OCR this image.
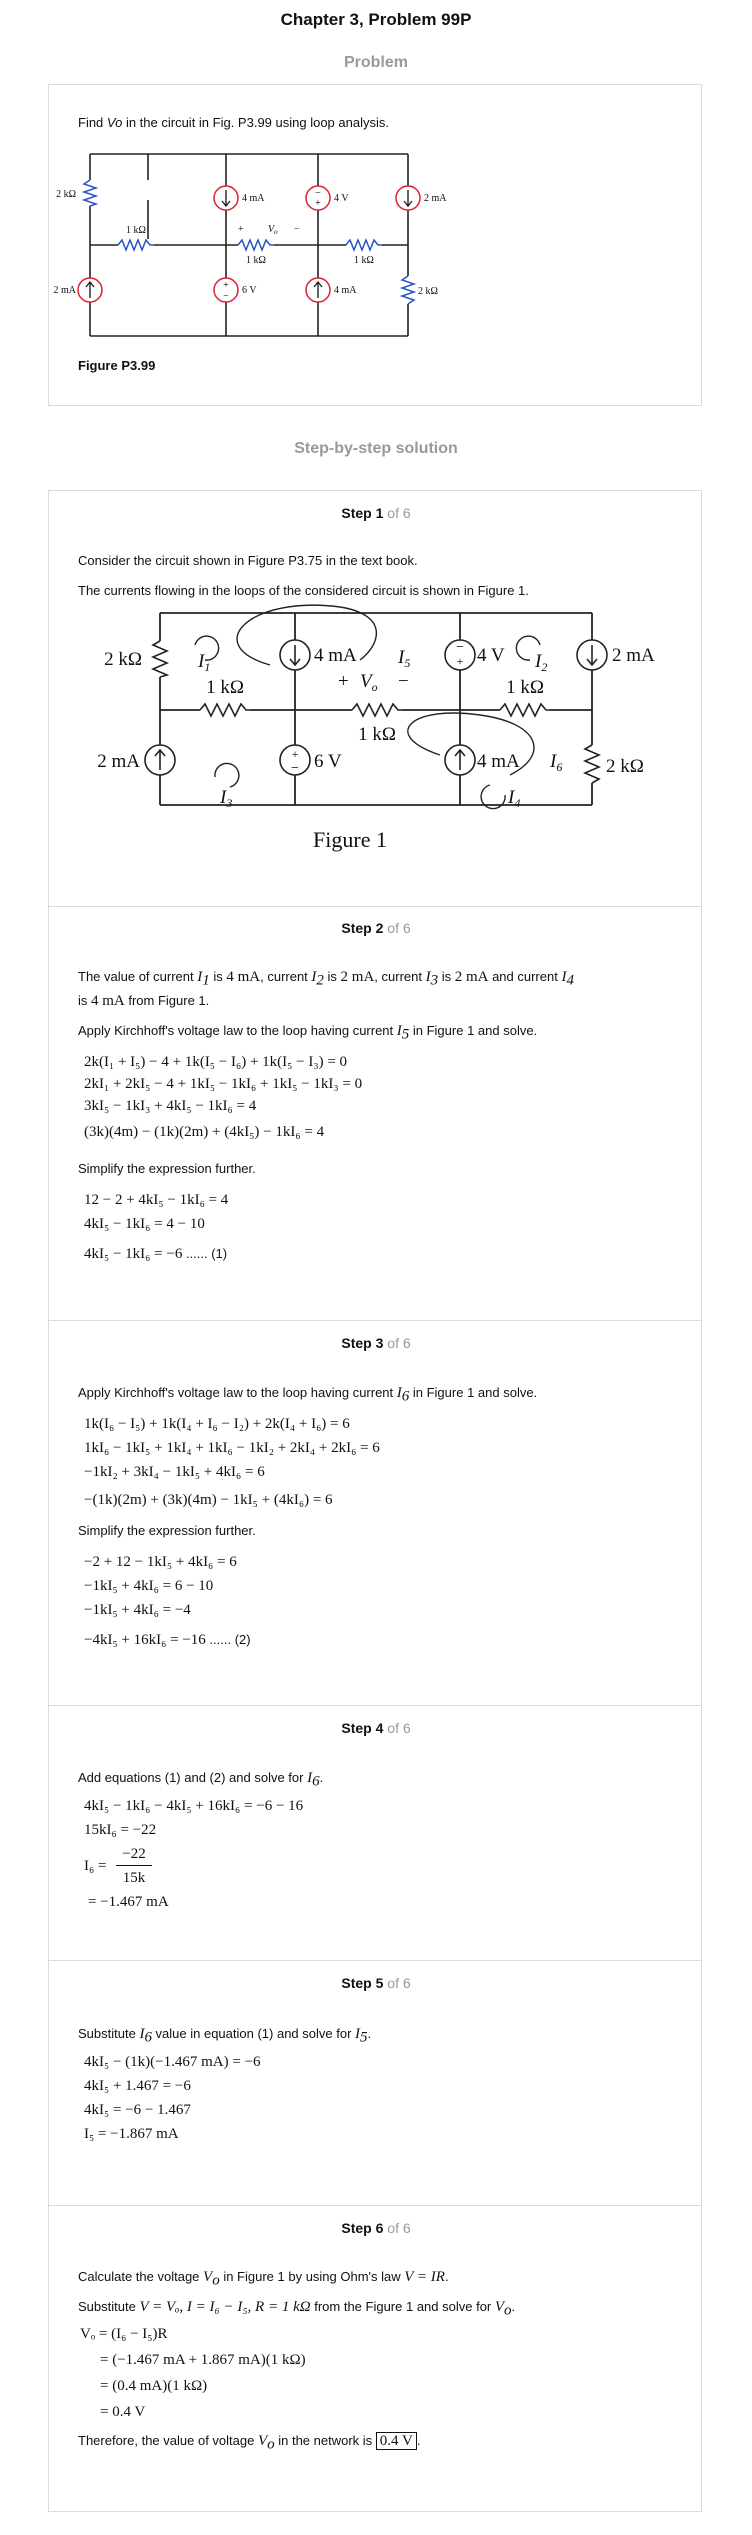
Chapter 3, Problem 99P
Problem
Find Vo in the circuit in Fig. P3.99 using loop analysis.
−
+
+
−
2 kΩ
1 kΩ
1 kΩ	1 kΩ
2 kΩ
4 mA	4 V	2 mA
2 mA	6 V	4 mA
+ $V_o$ −
Figure P3.99
Step-by-step solution
Step 1 of 6
Consider the circuit shown in Figure P3.75 in the text book.
The currents flowing in the loops of the considered circuit is shown in Figure 1.
−
+
+
−
2 kΩ
1 kΩ
1 kΩ
1 kΩ
2 kΩ
4 mA	4 V	2 mA
2 mA	6 V	4 mA
+ $V_o$ −
$I_1$	$I_5$	$I_2$
$I_3$
$I_6$
$I_4$
Figure 1
Step 2 of 6
The value of current $I_1$ is 4 mA, current $I_2$ is 2 mA, current $I_3$ is 2 mA and current $I_4$
is 4 mA from Figure 1.
Apply Kirchhoff's voltage law to the loop having current $I_5$ in Figure 1 and solve.
2k(I₁ + I₅) − 4 + 1k(I₅ − I₆) + 1k(I₅ − I₃) = 0
2kI₁ + 2kI₅ − 4 + 1kI₅ − 1kI₆ + 1kI₅ − 1kI₃ = 0
3kI₅ − 1kI₃ + 4kI₅ − 1kI₆ = 4
(3k)(4m) − (1k)(2m) + (4kI₅) − 1kI₆ = 4
Simplify the expression further.
12 − 2 + 4kI₅ − 1kI₆ = 4
4kI₅ − 1kI₆ = 4 − 10
4kI₅ − 1kI₆ = −6 ...... (1)
Step 3 of 6
Apply Kirchhoff's voltage law to the loop having current $I_6$ in Figure 1 and solve.
1k(I₆ − I₅) + 1k(I₄ + I₆ − I₂) + 2k(I₄ + I₆) = 6
1kI₆ − 1kI₅ + 1kI₄ + 1kI₆ − 1kI₂ + 2kI₄ + 2kI₆ = 6
−1kI₂ + 3kI₄ − 1kI₅ + 4kI₆ = 6
−(1k)(2m) + (3k)(4m) − 1kI₅ + (4kI₆) = 6
Simplify the expression further.
−2 + 12 − 1kI₅ + 4kI₆ = 6
−1kI₅ + 4kI₆ = 6 − 10
−1kI₅ + 4kI₆ = −4
−4kI₅ + 16kI₆ = −16 ...... (2)
Step 4 of 6
Add equations (1) and (2) and solve for $I_6$.
4kI₅ − 1kI₆ − 4kI₅ + 16kI₆ = −6 − 16
15kI₆ = −22
I₆ =
−22
15k
= −1.467 mA
Step 5 of 6
Substitute $I_6$ value in equation (1) and solve for $I_5$.
4kI₅ − (1k)(−1.467 mA) = −6
4kI₅ + 1.467 = −6
4kI₅ = −6 − 1.467
I₅ = −1.867 mA
Step 6 of 6
Calculate the voltage $V_o$ in Figure 1 by using Ohm's law V = IR.
Substitute V = Vₒ, I = I₆ − I₅, R = 1 kΩ from the Figure 1 and solve for $V_o$.
Vₒ = (I₆ − I₅)R
= (−1.467 mA + 1.867 mA)(1 kΩ)
= (0.4 mA)(1 kΩ)
= 0.4 V
Therefore, the value of voltage $V_o$ in the network is 0.4 V .
